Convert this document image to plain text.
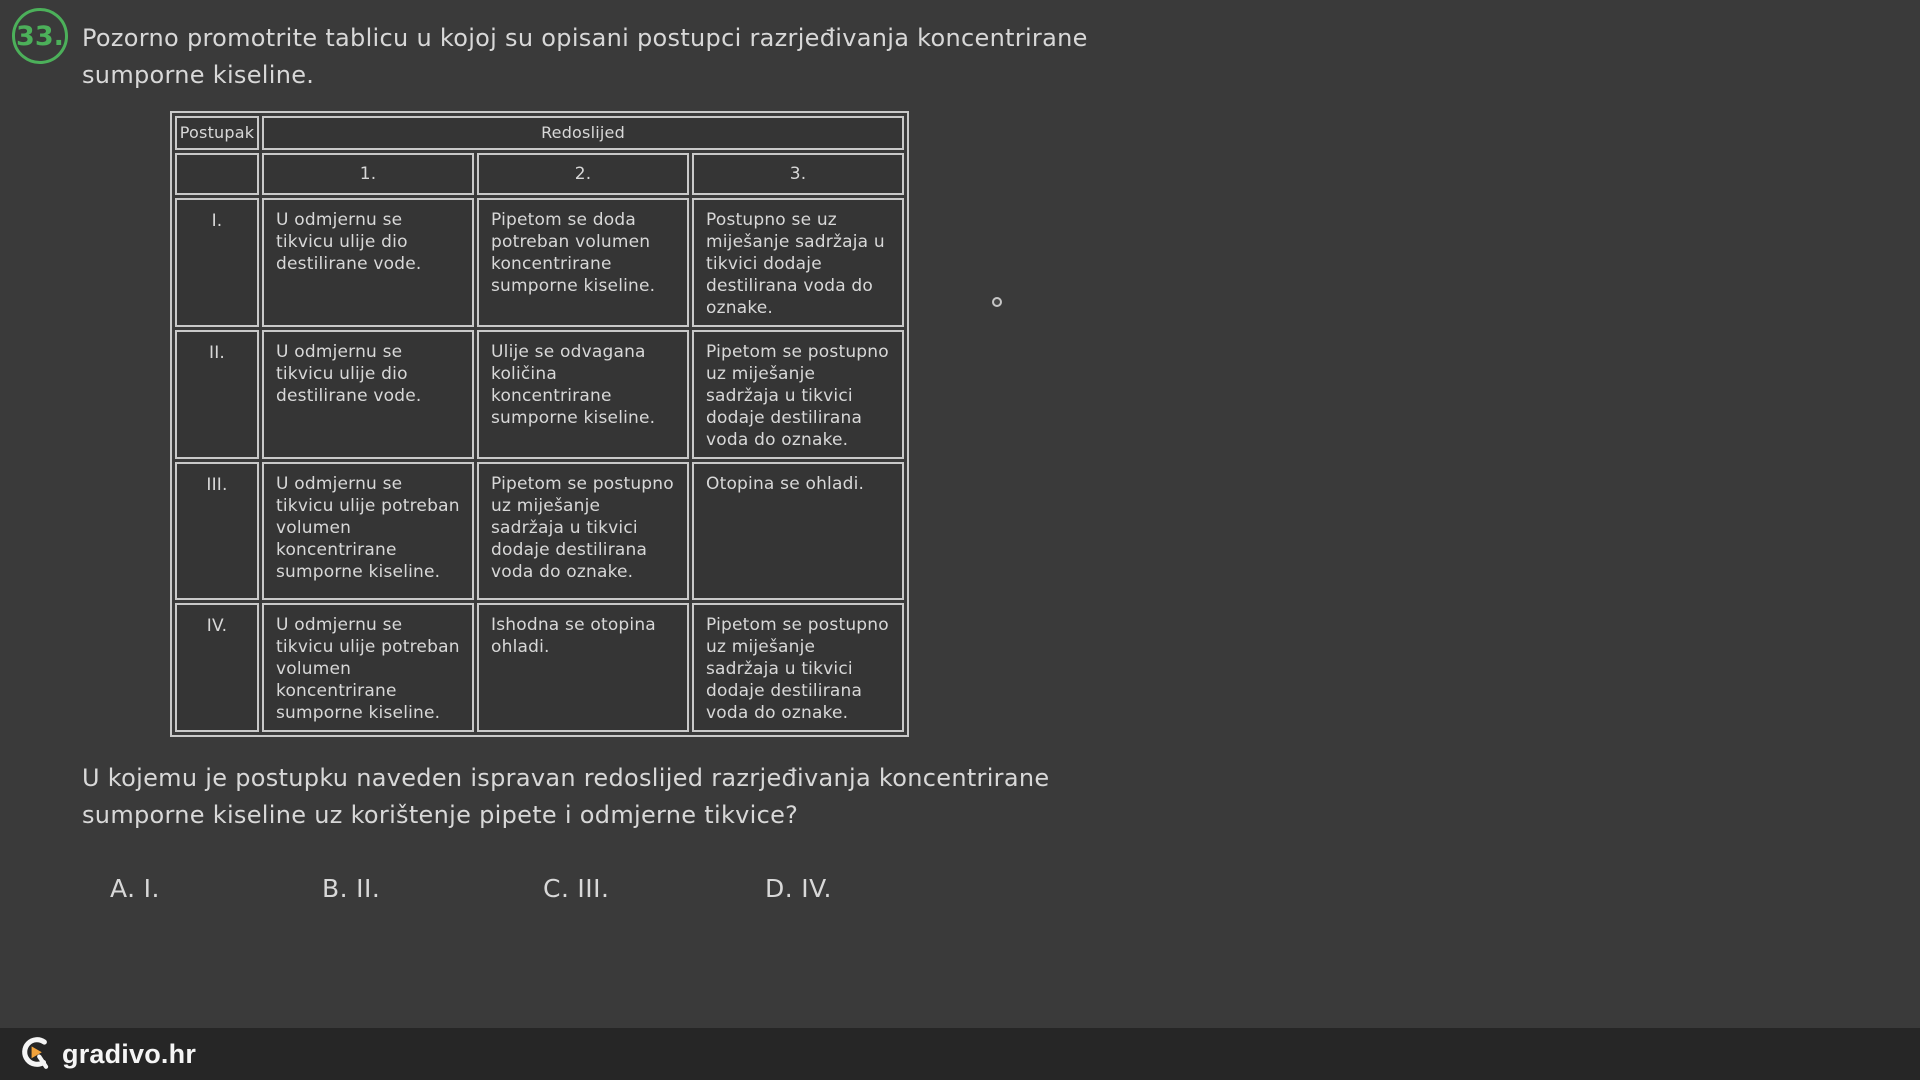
33. Pozorno promotrite tablicu u kojoj su opisani postupci razrjeđivanja koncentrirane sumporne kiseline.
Postupak	Redoslijed		
	1.	2.	3.
I.	U odmjernu se tikvicu ulije dio destilirane vode.	Pipetom se doda potreban volumen koncentrirane sumporne kiseline.	Postupno se uz miješanje sadržaja u tikvici dodaje destilirana voda do oznake.
II.	U odmjernu se tikvicu ulije dio destilirane vode.	Ulije se odvagana količina koncentrirane sumporne kiseline.	Pipetom se postupno uz miješanje sadržaja u tikvici dodaje destilirana voda do oznake.
III.	U odmjernu se tikvicu ulije potreban volumen koncentrirane sumporne kiseline.	Pipetom se postupno uz miješanje sadržaja u tikvici dodaje destilirana voda do oznake.	Otopina se ohladi.
IV.	U odmjernu se tikvicu ulije potreban volumen koncentrirane sumporne kiseline.	Ishodna se otopina ohladi.	Pipetom se postupno uz miješanje sadržaja u tikvici dodaje destilirana voda do oznake.
U kojemu je postupku naveden ispravan redoslijed razrjeđivanja koncentrirane sumporne kiseline uz korištenje pipete i odmjerne tikvice?
A. I.	B. II.	C. III.	D. IV.
gradivo.hr
